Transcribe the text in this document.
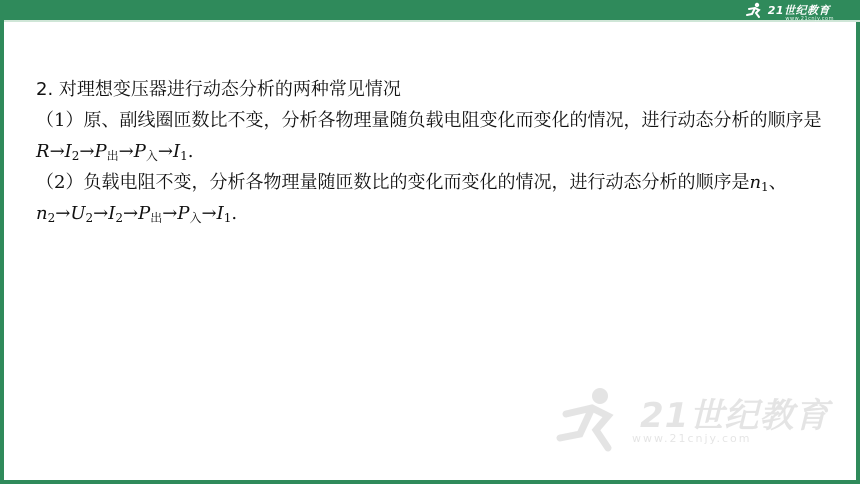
21世纪教育
www.21cnjy.com

2. 对理想变压器进行动态分析的两种常见情况

（1）原、副线圈匝数比不变，分析各物理量随负载电阻变化而变化的情况，进行动态分析的顺序是$R\to I_2\to P_出\to P_入\to I_1$.

（2）负载电阻不变，分析各物理量随匝数比的变化而变化的情况，进行动态分析的顺序是$n_1$、$n_2\to U_2\to I_2\to P_出\to P_入\to I_1$.

21世纪教育
www.21cnjy.com
